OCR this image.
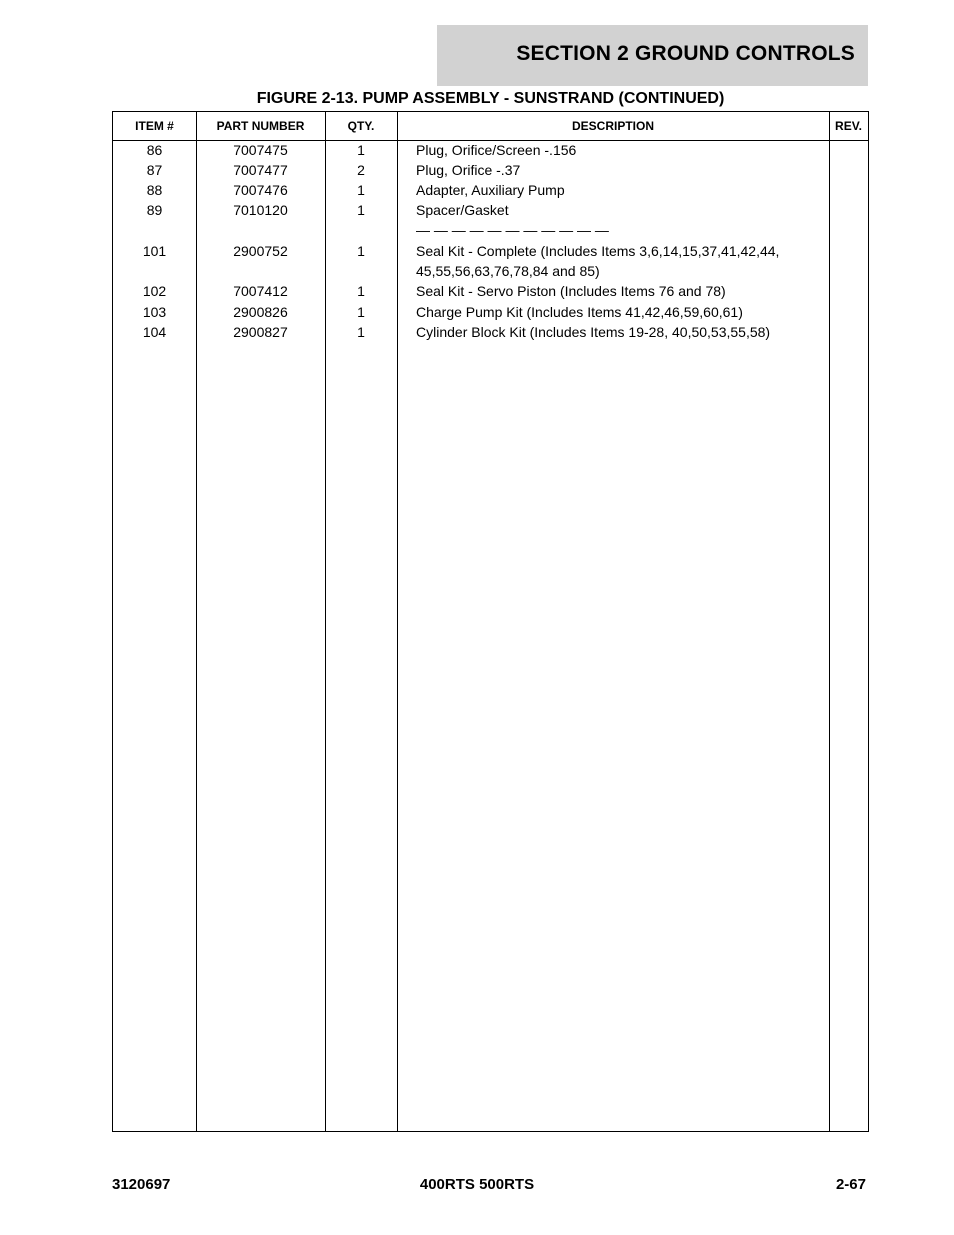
SECTION 2 GROUND CONTROLS
FIGURE 2-13. PUMP ASSEMBLY - SUNSTRAND (CONTINUED)
ITEM #	PART NUMBER	QTY.	DESCRIPTION	REV.
86	7007475	1	Plug, Orifice/Screen -.156
87	7007477	2	Plug, Orifice -.37
88	7007476	1	Adapter, Auxiliary Pump
89	7010120	1	Spacer/Gasket
— — — — — — — — — — —
101	2900752	1	Seal Kit - Complete (Includes Items 3,6,14,15,37,41,42,44,
45,55,56,63,76,78,84 and 85)
102	7007412	1	Seal Kit - Servo Piston (Includes Items 76 and 78)
103	2900826	1	Charge Pump Kit (Includes Items 41,42,46,59,60,61)
104	2900827	1	Cylinder Block Kit (Includes Items 19-28, 40,50,53,55,58)
3120697	400RTS 500RTS	2-67
